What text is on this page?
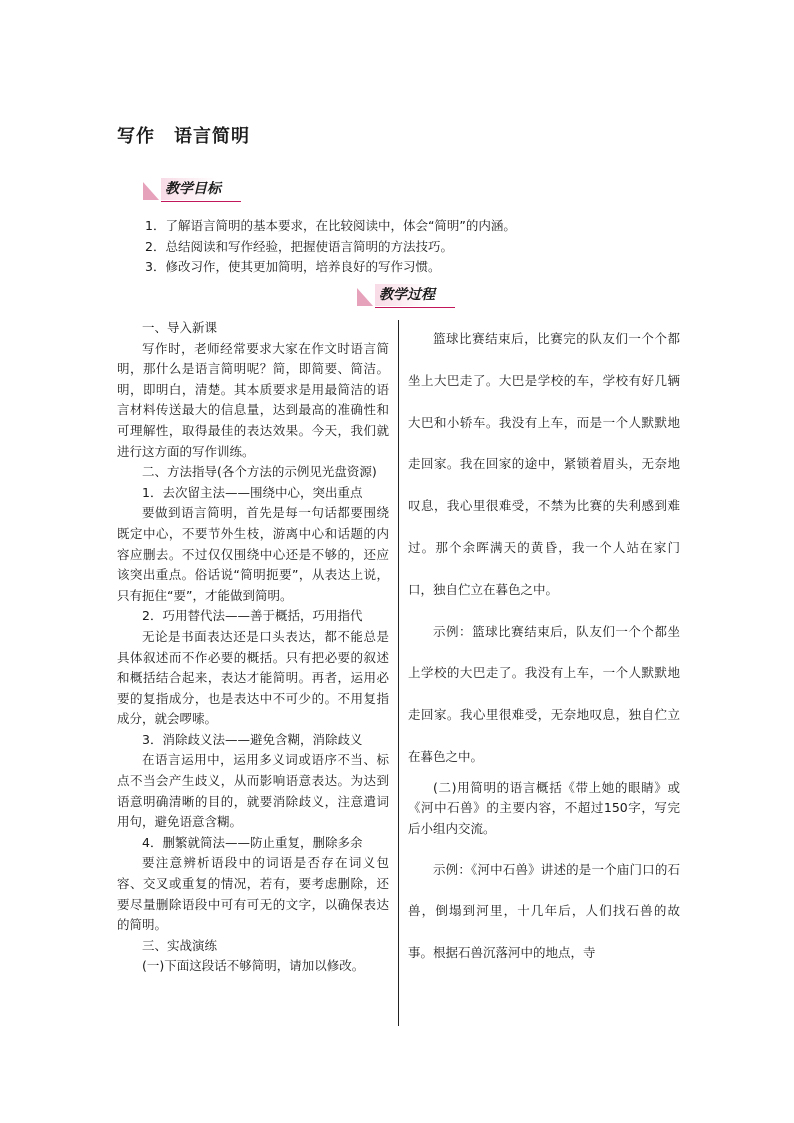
写作　语言简明
教学目标
1．了解语言简明的基本要求，在比较阅读中，体会“简明”的内涵。
2．总结阅读和写作经验，把握使语言简明的方法技巧。
3．修改习作，使其更加简明，培养良好的写作习惯。
教学过程

一、导入新课

写作时，老师经常要求大家在作文时语言简明，那什么是语言简明呢？简，即简要、简洁。明，即明白，清楚。其本质要求是用最简洁的语言材料传送最大的信息量，达到最高的准确性和可理解性，取得最佳的表达效果。今天，我们就进行这方面的写作训练。

二、方法指导(各个方法的示例见光盘资源)

1．去次留主法——围绕中心，突出重点

要做到语言简明，首先是每一句话都要围绕既定中心，不要节外生枝，游离中心和话题的内容应删去。不过仅仅围绕中心还是不够的，还应该突出重点。俗话说“简明扼要”，从表达上说，只有扼住“要”，才能做到简明。

2．巧用替代法——善于概括，巧用指代

无论是书面表达还是口头表达，都不能总是具体叙述而不作必要的概括。只有把必要的叙述和概括结合起来，表达才能简明。再者，运用必要的复指成分，也是表达中不可少的。不用复指成分，就会啰嗦。

3．消除歧义法——避免含糊，消除歧义

在语言运用中，运用多义词或语序不当、标点不当会产生歧义，从而影响语意表达。为达到语意明确清晰的目的，就要消除歧义，注意遣词用句，避免语意含糊。

4．删繁就简法——防止重复，删除多余

要注意辨析语段中的词语是否存在词义包容、交叉或重复的情况，若有，要考虑删除，还要尽量删除语段中可有可无的文字，以确保表达的简明。

三、实战演练

(一)下面这段话不够简明，请加以修改。

篮球比赛结束后，比赛完的队友们一个个都坐上大巴走了。大巴是学校的车，学校有好几辆大巴和小轿车。我没有上车，而是一个人默默地走回家。我在回家的途中，紧锁着眉头，无奈地叹息，我心里很难受，不禁为比赛的失利感到难过。那个余晖满天的黄昏，我一个人站在家门口，独自伫立在暮色之中。

示例：篮球比赛结束后，队友们一个个都坐上学校的大巴走了。我没有上车，一个人默默地走回家。我心里很难受，无奈地叹息，独自伫立在暮色之中。

(二)用简明的语言概括《带上她的眼睛》或《河中石兽》的主要内容，不超过150字，写完后小组内交流。

示例：《河中石兽》讲述的是一个庙门口的石兽，倒塌到河里，十几年后，人们找石兽的故事。根据石兽沉落河中的地点，寺
